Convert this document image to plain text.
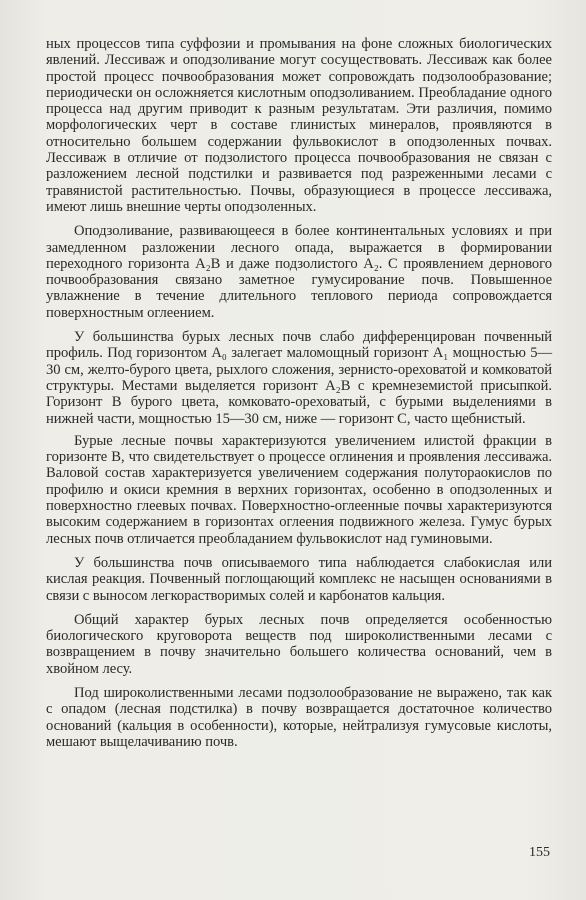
ных процессов типа суффозии и промывания на фоне сложных биологических явлений. Лессиваж и оподзоливание могут сосуществовать. Лессиваж как более простой процесс почвообразования может сопровождать подзолообразование; периодически он осложняется кислотным оподзоливанием. Преобладание одного процесса над другим приводит к разным результатам. Эти различия, помимо морфологических черт в составе глинистых минералов, проявляются в относительно большем содержании фульвокислот в оподзоленных почвах. Лессиваж в отличие от подзолистого процесса почвообразования не связан с разложением лесной подстилки и развивается под разреженными лесами с травянистой растительностью. Почвы, образующиеся в процессе лессиважа, имеют лишь внешние черты оподзоленных.

Оподзоливание, развивающееся в более континентальных условиях и при замедленном разложении лесного опада, выражается в формировании переходного горизонта A₂B и даже подзолистого A₂. С проявлением дернового почвообразования связано заметное гумусирование почв. Повышенное увлажнение в течение длительного теплового периода сопровождается поверхностным оглеением.

У большинства бурых лесных почв слабо дифференцирован почвенный профиль. Под горизонтом A₀ залегает маломощный горизонт A₁ мощностью 5—30 см, желто-бурого цвета, рыхлого сложения, зернисто-ореховатой и комковатой структуры. Местами выделяется горизонт A₂B с кремнеземистой присыпкой. Горизонт B бурого цвета, комковато-ореховатый, с бурыми выделениями в нижней части, мощностью 15—30 см, ниже — горизонт C, часто щебнистый.

Бурые лесные почвы характеризуются увеличением илистой фракции в горизонте B, что свидетельствует о процессе оглинения и проявления лессиважа. Валовой состав характеризуется увеличением содержания полутораокислов по профилю и окиси кремния в верхних горизонтах, особенно в оподзоленных и поверхностно глеевых почвах. Поверхностно-оглеенные почвы характеризуются высоким содержанием в горизонтах оглеения подвижного железа. Гумус бурых лесных почв отличается преобладанием фульвокислот над гуминовыми.

У большинства почв описываемого типа наблюдается слабокислая или кислая реакция. Почвенный поглощающий комплекс не насыщен основаниями в связи с выносом легкорастворимых солей и карбонатов кальция.

Общий характер бурых лесных почв определяется особенностью биологического круговорота веществ под широколиственными лесами с возвращением в почву значительно большего количества оснований, чем в хвойном лесу.

Под широколиственными лесами подзолообразование не выражено, так как с опадом (лесная подстилка) в почву возвращается достаточное количество оснований (кальция в особенности), которые, нейтрализуя гумусовые кислоты, мешают выщелачиванию почв.

155
